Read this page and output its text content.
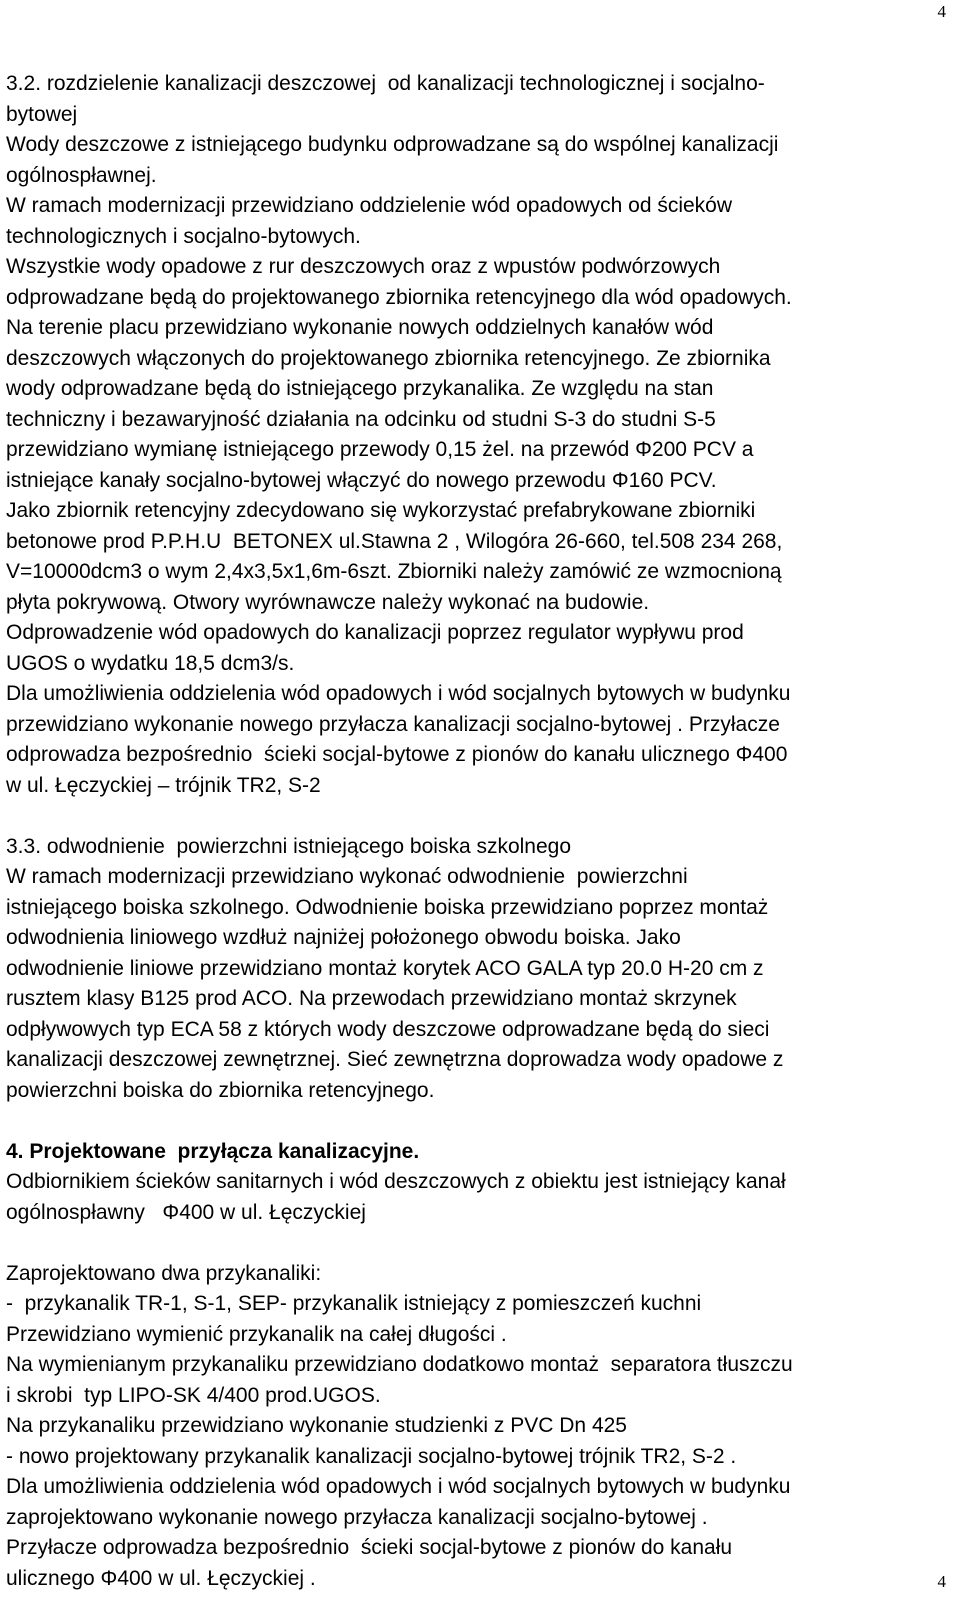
4
3.2. rozdzielenie kanalizacji deszczowej  od kanalizacji technologicznej i socjalno-
bytowej
Wody deszczowe z istniejącego budynku odprowadzane są do wspólnej kanalizacji
ogólnospławnej.
W ramach modernizacji przewidziano oddzielenie wód opadowych od ścieków
technologicznych i socjalno-bytowych.
Wszystkie wody opadowe z rur deszczowych oraz z wpustów podwórzowych
odprowadzane będą do projektowanego zbiornika retencyjnego dla wód opadowych.
Na terenie placu przewidziano wykonanie nowych oddzielnych kanałów wód
deszczowych włączonych do projektowanego zbiornika retencyjnego. Ze zbiornika
wody odprowadzane będą do istniejącego przykanalika. Ze względu na stan
techniczny i bezawaryjność działania na odcinku od studni S-3 do studni S-5
przewidziano wymianę istniejącego przewody 0,15 żel. na przewód Φ200 PCV a
istniejące kanały socjalno-bytowej włączyć do nowego przewodu Φ160 PCV.
Jako zbiornik retencyjny zdecydowano się wykorzystać prefabrykowane zbiorniki
betonowe prod P.P.H.U  BETONEX ul.Stawna 2 , Wilogóra 26-660, tel.508 234 268,
V=10000dcm3 o wym 2,4x3,5x1,6m-6szt. Zbiorniki należy zamówić ze wzmocnioną
płyta pokrywową. Otwory wyrównawcze należy wykonać na budowie.
Odprowadzenie wód opadowych do kanalizacji poprzez regulator wypływu prod
UGOS o wydatku 18,5 dcm3/s.
Dla umożliwienia oddzielenia wód opadowych i wód socjalnych bytowych w budynku
przewidziano wykonanie nowego przyłacza kanalizacji socjalno-bytowej . Przyłacze
odprowadza bezpośrednio  ścieki socjal-bytowe z pionów do kanału ulicznego Φ400
w ul. Łęczyckiej – trójnik TR2, S-2
3.3. odwodnienie  powierzchni istniejącego boiska szkolnego
W ramach modernizacji przewidziano wykonać odwodnienie  powierzchni
istniejącego boiska szkolnego. Odwodnienie boiska przewidziano poprzez montaż
odwodnienia liniowego wzdłuż najniżej położonego obwodu boiska. Jako
odwodnienie liniowe przewidziano montaż korytek ACO GALA typ 20.0 H-20 cm z
rusztem klasy B125 prod ACO. Na przewodach przewidziano montaż skrzynek
odpływowych typ ECA 58 z których wody deszczowe odprowadzane będą do sieci
kanalizacji deszczowej zewnętrznej. Sieć zewnętrzna doprowadza wody opadowe z
powierzchni boiska do zbiornika retencyjnego.
4. Projektowane  przyłącza kanalizacyjne.
Odbiornikiem ścieków sanitarnych i wód deszczowych z obiektu jest istniejący kanał
ogólnospławny   Φ400 w ul. Łęczyckiej
Zaprojektowano dwa przykanaliki:
-  przykanalik TR-1, S-1, SEP- przykanalik istniejący z pomieszczeń kuchni
Przewidziano wymienić przykanalik na całej długości .
Na wymienianym przykanaliku przewidziano dodatkowo montaż  separatora tłuszczu
i skrobi  typ LIPO-SK 4/400 prod.UGOS.
Na przykanaliku przewidziano wykonanie studzienki z PVC Dn 425
- nowo projektowany przykanalik kanalizacji socjalno-bytowej trójnik TR2, S-2 .
Dla umożliwienia oddzielenia wód opadowych i wód socjalnych bytowych w budynku
zaprojektowano wykonanie nowego przyłacza kanalizacji socjalno-bytowej .
Przyłacze odprowadza bezpośrednio  ścieki socjal-bytowe z pionów do kanału
ulicznego Φ400 w ul. Łęczyckiej .	4
